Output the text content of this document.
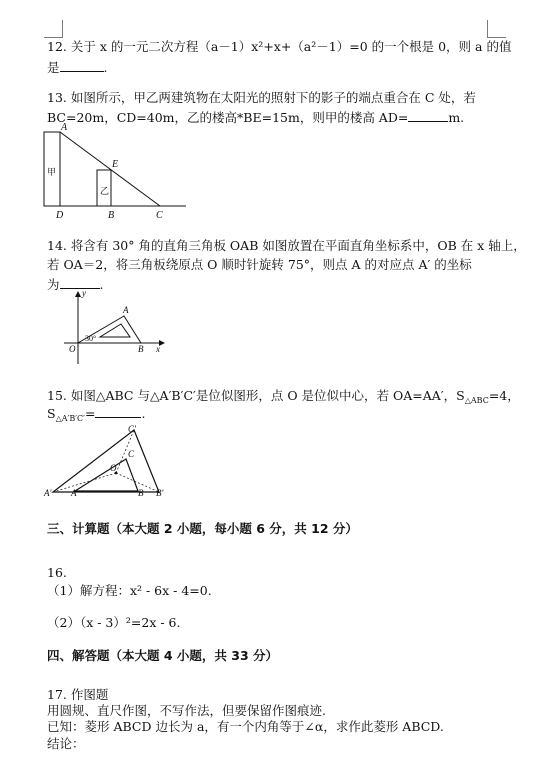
12. 关于 x 的一元二次方程（a－1）x²+x+（a²－1）=0 的一个根是 0，则 a 的值
是	.
13. 如图所示，甲乙两建筑物在太阳光的照射下的影子的端点重合在 C 处，若
BC=20m，CD=40m，乙的楼高*BE=15m，则甲的楼高 AD=	m.
甲
乙
A
E
D	B	C
14. 将含有 30° 角的直角三角板 OAB 如图放置在平面直角坐标系中，OB 在 x 轴上，
若 OA＝2，将三角板绕原点 O 顺时针旋转 75°，则点 A 的对应点 A′ 的坐标
为	.
y
x
O
A
B
30°
15. 如图△ABC 与△A′B′C′是位似图形，点 O 是位似中心，若 OA=AA′，$S_{\triangle ABC}=4$，
$S_{\triangle A'B'C'}=$	.
C′
C
O
A′ A	B B′
三、计算题（本大题 2 小题，每小题 6 分，共 12 分）
16.
（1）解方程：x² - 6x - 4=0.
（2）（x - 3）²=2x - 6.
四、解答题（本大题 4 小题，共 33 分）
17. 作图题
用圆规、直尺作图，不写作法，但要保留作图痕迹.
已知：菱形 ABCD 边长为 a，有一个内角等于∠α，求作此菱形 ABCD.
结论：
